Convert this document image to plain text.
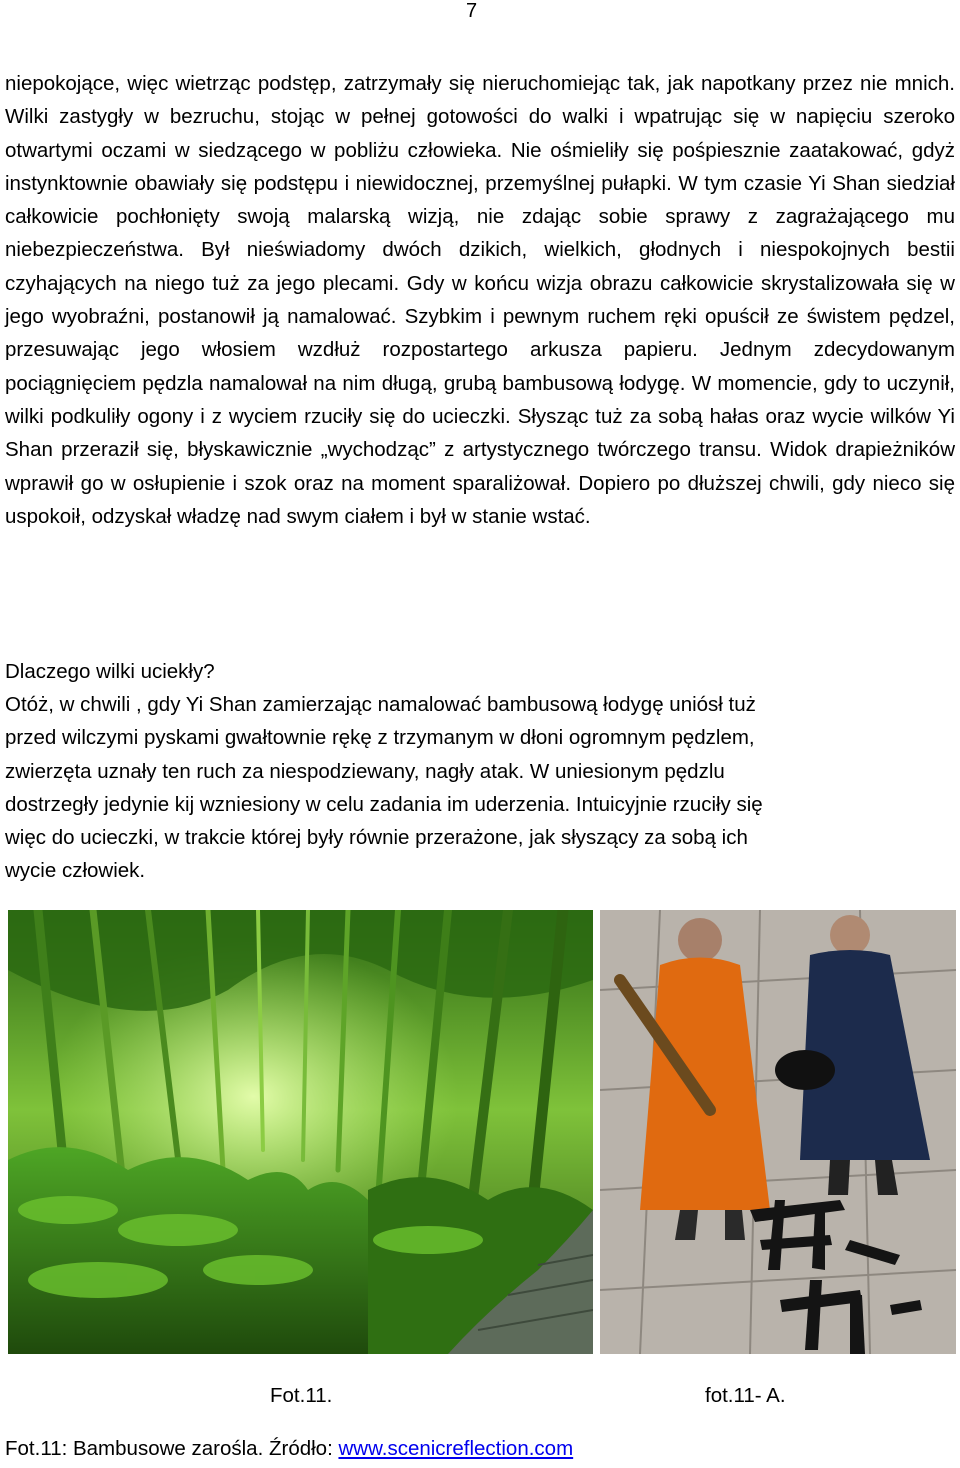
7

niepokojące, więc wietrząc podstęp, zatrzymały się nieruchomiejąc tak, jak napotkany przez nie mnich. Wilki zastygły w bezruchu, stojąc w pełnej gotowości do walki i wpatrując się w napięciu szeroko otwartymi oczami w siedzącego w pobliżu człowieka. Nie ośmieliły się pośpiesznie zaatakować, gdyż instynktownie obawiały się podstępu i niewidocznej, przemyślnej pułapki. W tym czasie Yi Shan siedział całkowicie pochłonięty swoją malarską wizją, nie zdając sobie sprawy z zagrażającego mu niebezpieczeństwa. Był nieświadomy dwóch dzikich, wielkich, głodnych i niespokojnych bestii czyhających na niego tuż za jego plecami. Gdy w końcu wizja obrazu całkowicie skrystalizowała się w jego wyobraźni, postanowił ją namalować. Szybkim i pewnym ruchem ręki opuścił ze świstem pędzel, przesuwając jego włosiem wzdłuż rozpostartego arkusza papieru. Jednym zdecydowanym pociągnięciem pędzla namalował na nim długą, grubą bambusową łodygę. W momencie, gdy to uczynił, wilki podkuliły ogony i z wyciem rzuciły się do ucieczki. Słysząc tuż za sobą hałas oraz wycie wilków Yi Shan przeraził się, błyskawicznie „wychodząc” z artystycznego twórczego transu. Widok drapieżników wprawił go w osłupienie i szok oraz na moment sparaliżował. Dopiero po dłuższej chwili, gdy nieco się uspokoił, odzyskał władzę nad swym ciałem i był w stanie wstać.

Dlaczego wilki uciekły?

Otóż, w chwili , gdy Yi Shan zamierzając namalować bambusową łodygę uniósł tuż
przed wilczymi pyskami gwałtownie rękę z trzymanym w dłoni ogromnym pędzlem,
zwierzęta uznały ten ruch za niespodziewany, nagły atak. W uniesionym pędzlu
dostrzegły jedynie kij wzniesiony w celu zadania im uderzenia. Intuicyjnie rzuciły się
więc do ucieczki, w trakcie której były równie przerażone, jak słyszący za sobą ich
wycie człowiek.
Fot.11.	fot.11- A.
Fot.11: Bambusowe zarośla. Źródło: www.scenicreflection.com
